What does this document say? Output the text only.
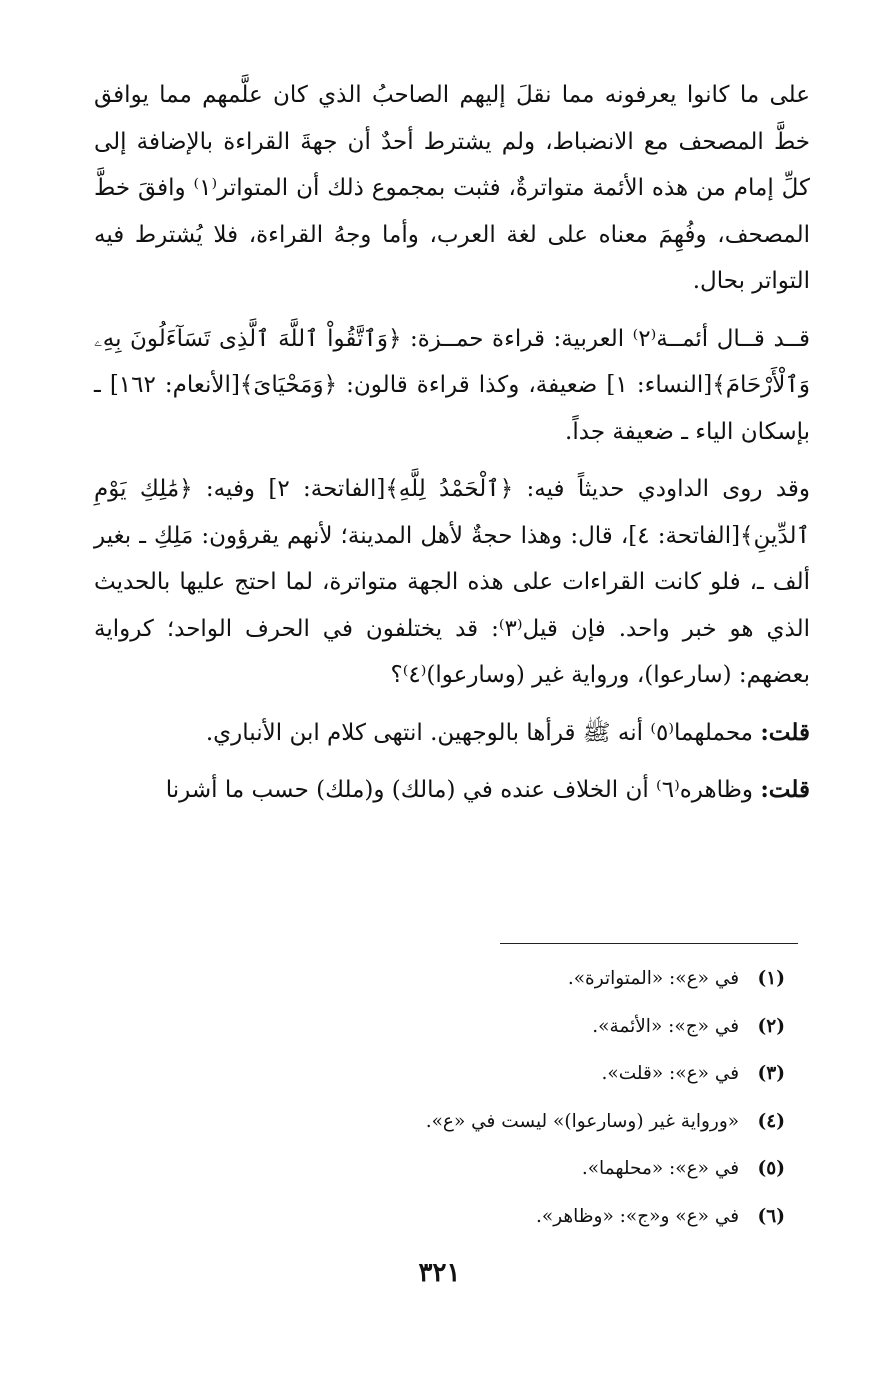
على ما كانوا يعرفونه مما نقلَ إليهم الصاحبُ الذي كان علَّمهم مما يوافق خطَّ المصحف مع الانضباط، ولم يشترط أحدٌ أن جهةَ القراءة بالإضافة إلى كلِّ إمام من هذه الأئمة متواترةٌ، فثبت بمجموع ذلك أن المتواتر⁽١⁾ وافقَ خطَّ المصحف، وفُهِمَ معناه على لغة العرب، وأما وجهُ القراءة، فلا يُشترط فيه التواتر بحال.

قــد قــال أئمــة⁽٢⁾ العربية: قراءة حمــزة: ﴿وَٱتَّقُواْ ٱللَّهَ ٱلَّذِى تَسَآءَلُونَ بِهِۦ وَٱلْأَرْحَامَ﴾[النساء: ١] ضعيفة، وكذا قراءة قالون: ﴿وَمَحْيَاىَ﴾[الأنعام: ١٦٢] ـ بإسكان الياء ـ ضعيفة جداً.

وقد روى الداودي حديثاً فيه: ﴿ٱلْحَمْدُ لِلَّهِ﴾[الفاتحة: ٢] وفيه: ﴿مَٰلِكِ يَوْمِ ٱلدِّينِ﴾[الفاتحة: ٤]، قال: وهذا حجةٌ لأهل المدينة؛ لأنهم يقرؤون: مَلِكِ ـ بغير ألف ـ، فلو كانت القراءات على هذه الجهة متواترة، لما احتج عليها بالحديث الذي هو خبر واحد. فإن قيل⁽٣⁾: قد يختلفون في الحرف الواحد؛ كرواية بعضهم: (سارعوا)، ورواية غير (وسارعوا)⁽٤⁾؟

قلت: محملهما⁽٥⁾ أنه ﷺ قرأها بالوجهين. انتهى كلام ابن الأنباري.

قلت: وظاهره⁽٦⁾ أن الخلاف عنده في (مالك) و(ملك) حسب ما أشرنا

(١) في «ع»: «المتواترة».
(٢) في «ج»: «الأئمة».
(٣) في «ع»: «قلت».
(٤) «ورواية غير (وسارعوا)» ليست في «ع».
(٥) في «ع»: «محلهما».
(٦) في «ع» و«ج»: «وظاهر».
٣٢١
